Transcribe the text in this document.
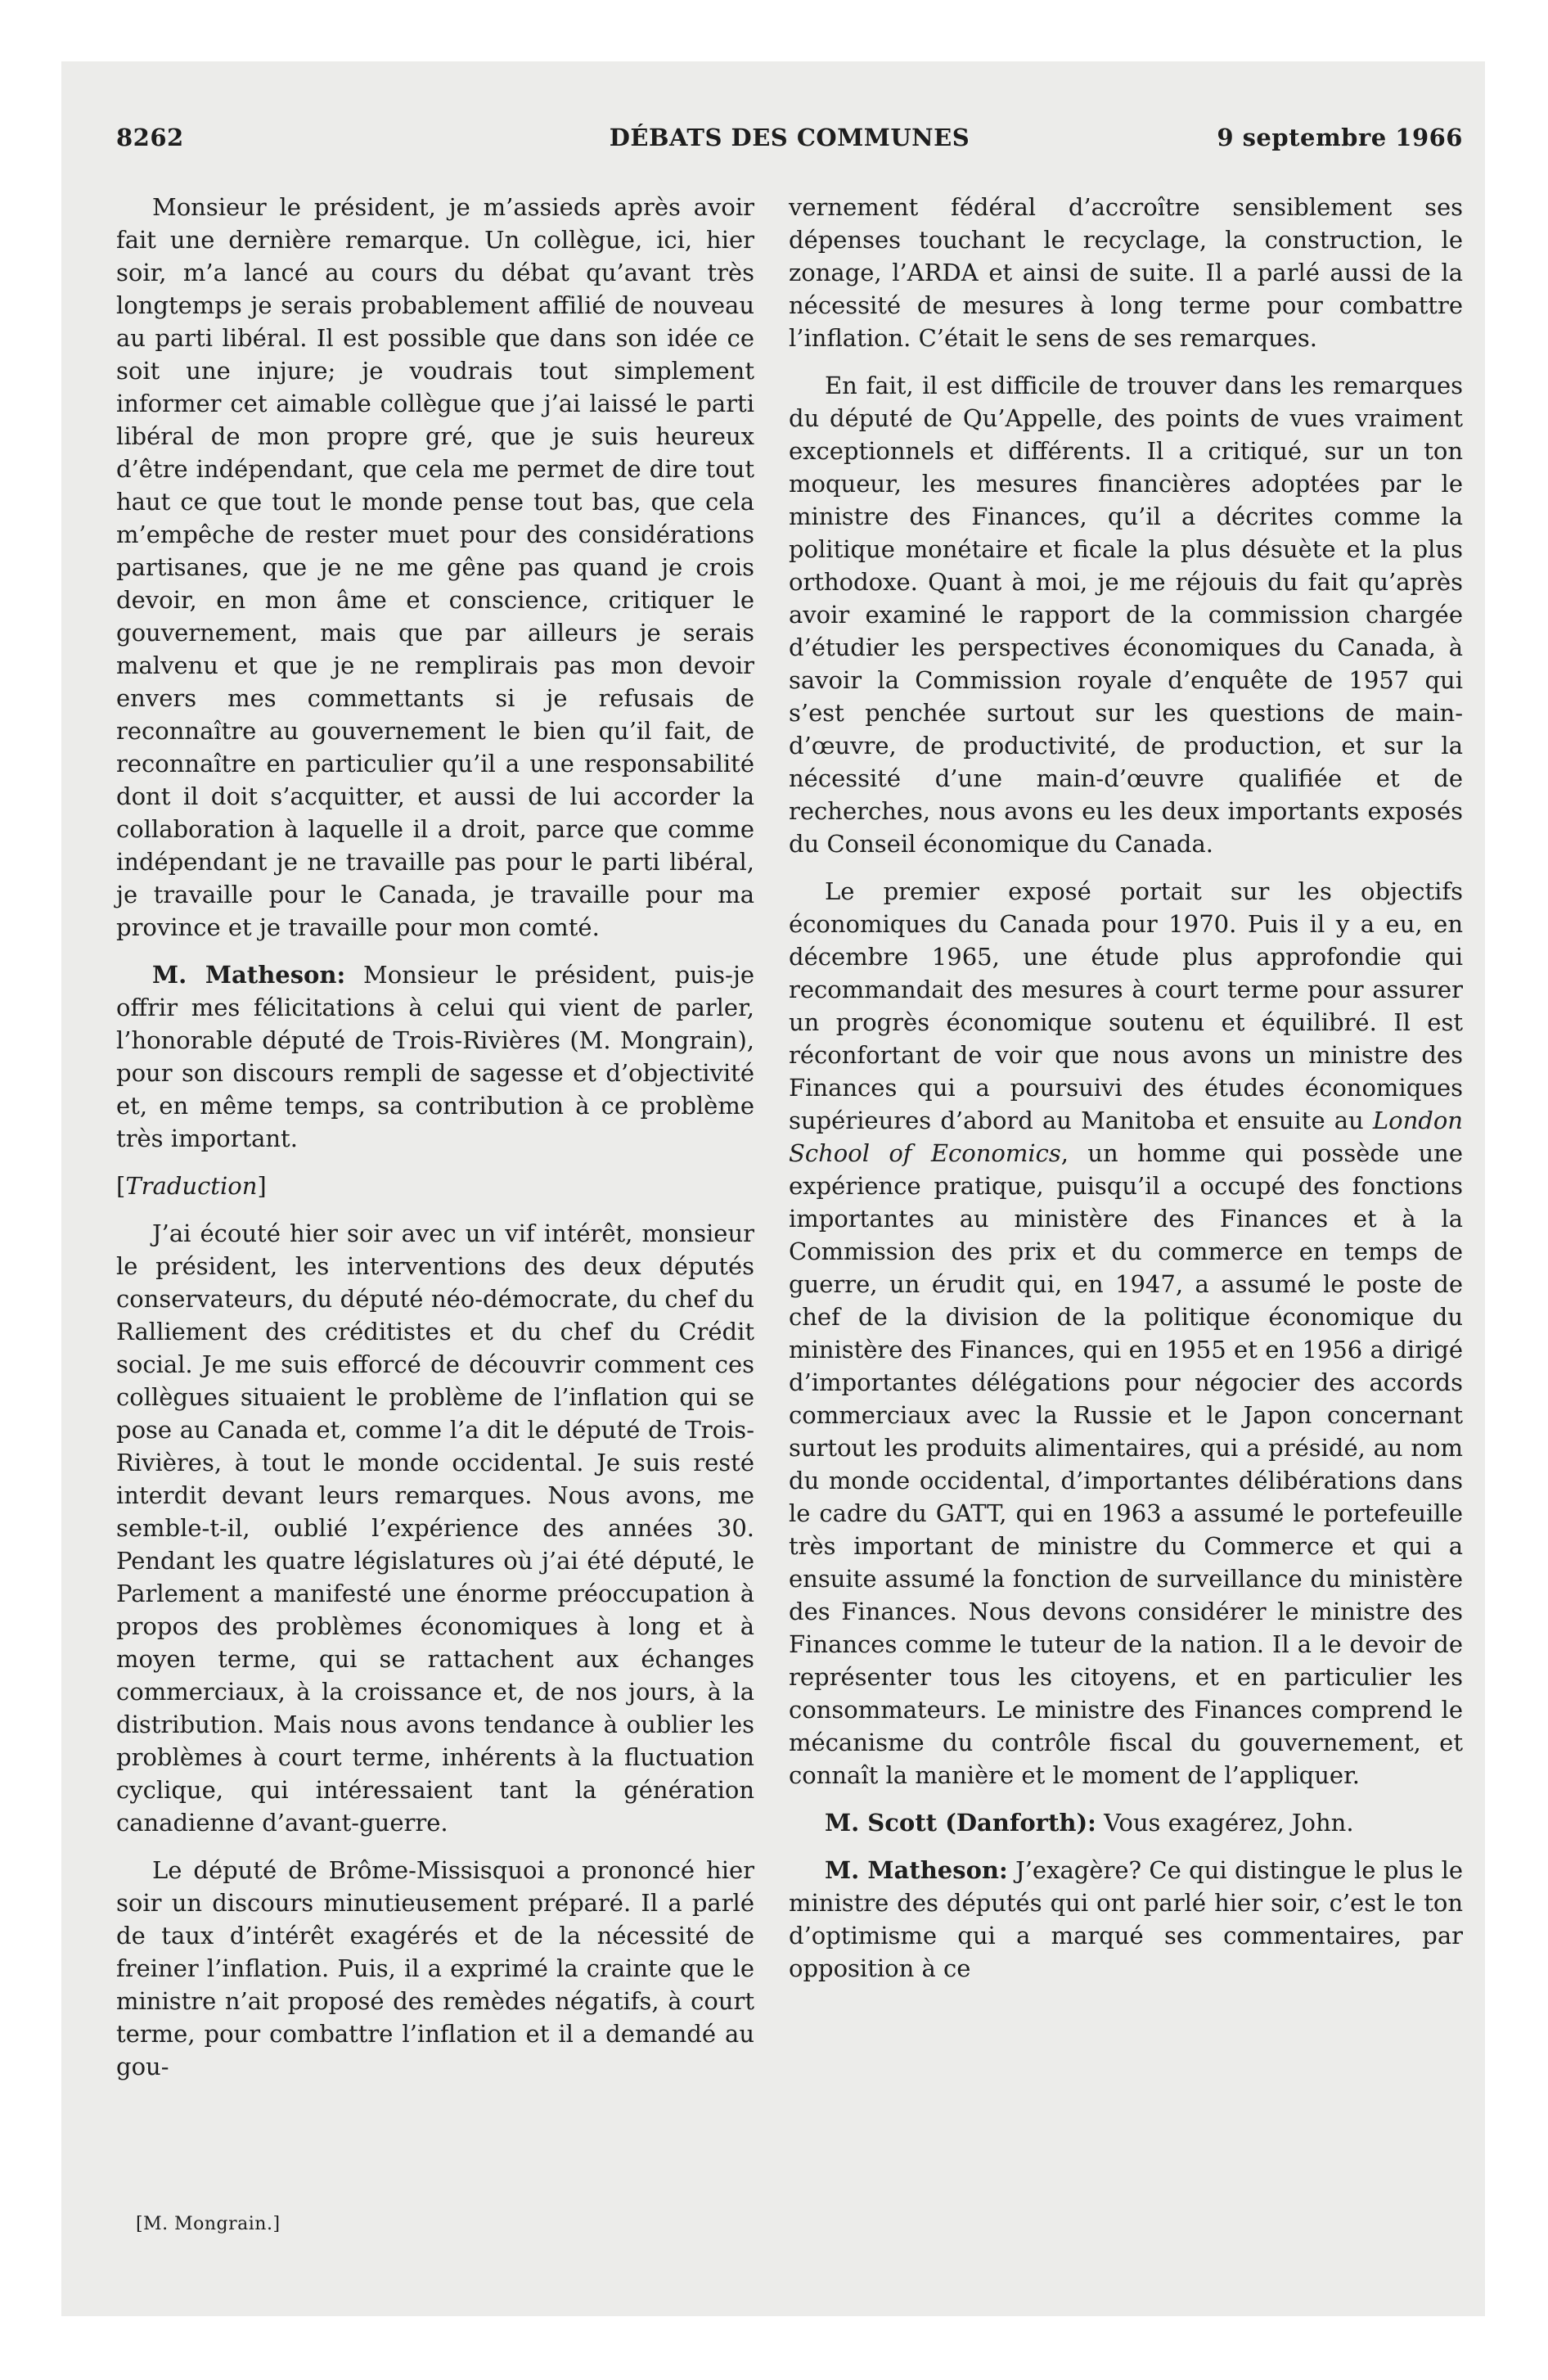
8262	DÉBATS DES COMMUNES	9 septembre 1966

Monsieur le président, je m’assieds après avoir fait une dernière remarque. Un collègue, ici, hier soir, m’a lancé au cours du débat qu’avant très longtemps je serais probablement affilié de nouveau au parti libéral. Il est possible que dans son idée ce soit une injure; je voudrais tout simplement informer cet aimable collègue que j’ai laissé le parti libéral de mon propre gré, que je suis heureux d’être indépendant, que cela me permet de dire tout haut ce que tout le monde pense tout bas, que cela m’empêche de rester muet pour des considérations partisanes, que je ne me gêne pas quand je crois devoir, en mon âme et conscience, critiquer le gouvernement, mais que par ailleurs je serais malvenu et que je ne remplirais pas mon devoir envers mes commettants si je refusais de reconnaître au gouvernement le bien qu’il fait, de reconnaître en particulier qu’il a une responsabilité dont il doit s’acquitter, et aussi de lui accorder la collaboration à laquelle il a droit, parce que comme indépendant je ne travaille pas pour le parti libéral, je travaille pour le Canada, je travaille pour ma province et je travaille pour mon comté.

M. Matheson: Monsieur le président, puis-je offrir mes félicitations à celui qui vient de parler, l’honorable député de Trois-Rivières (M. Mongrain), pour son discours rempli de sagesse et d’objectivité et, en même temps, sa contribution à ce problème très important.

[Traduction]

J’ai écouté hier soir avec un vif intérêt, monsieur le président, les interventions des deux députés conservateurs, du député néo-démocrate, du chef du Ralliement des créditistes et du chef du Crédit social. Je me suis efforcé de découvrir comment ces collègues situaient le problème de l’inflation qui se pose au Canada et, comme l’a dit le député de Trois-Rivières, à tout le monde occidental. Je suis resté interdit devant leurs remarques. Nous avons, me semble-t-il, oublié l’expérience des années 30. Pendant les quatre législatures où j’ai été député, le Parlement a manifesté une énorme préoccupation à propos des problèmes économiques à long et à moyen terme, qui se rattachent aux échanges commerciaux, à la croissance et, de nos jours, à la distribution. Mais nous avons tendance à oublier les problèmes à court terme, inhérents à la fluctuation cyclique, qui intéressaient tant la génération canadienne d’avant-guerre.

Le député de Brôme-Missisquoi a prononcé hier soir un discours minutieusement préparé. Il a parlé de taux d’intérêt exagérés et de la nécessité de freiner l’inflation. Puis, il a exprimé la crainte que le ministre n’ait proposé des remèdes négatifs, à court terme, pour combattre l’inflation et il a demandé au gou-

vernement fédéral d’accroître sensiblement ses dépenses touchant le recyclage, la construction, le zonage, l’ARDA et ainsi de suite. Il a parlé aussi de la nécessité de mesures à long terme pour combattre l’inflation. C’était le sens de ses remarques.

En fait, il est difficile de trouver dans les remarques du député de Qu’Appelle, des points de vues vraiment exceptionnels et différents. Il a critiqué, sur un ton moqueur, les mesures financières adoptées par le ministre des Finances, qu’il a décrites comme la politique monétaire et ficale la plus désuète et la plus orthodoxe. Quant à moi, je me réjouis du fait qu’après avoir examiné le rapport de la commission chargée d’étudier les perspectives économiques du Canada, à savoir la Commission royale d’enquête de 1957 qui s’est penchée surtout sur les questions de main-d’œuvre, de productivité, de production, et sur la nécessité d’une main-d’œuvre qualifiée et de recherches, nous avons eu les deux importants exposés du Conseil économique du Canada.

Le premier exposé portait sur les objectifs économiques du Canada pour 1970. Puis il y a eu, en décembre 1965, une étude plus approfondie qui recommandait des mesures à court terme pour assurer un progrès économique soutenu et équilibré. Il est réconfortant de voir que nous avons un ministre des Finances qui a poursuivi des études économiques supérieures d’abord au Manitoba et ensuite au London School of Economics, un homme qui possède une expérience pratique, puisqu’il a occupé des fonctions importantes au ministère des Finances et à la Commission des prix et du commerce en temps de guerre, un érudit qui, en 1947, a assumé le poste de chef de la division de la politique économique du ministère des Finances, qui en 1955 et en 1956 a dirigé d’importantes délégations pour négocier des accords commerciaux avec la Russie et le Japon concernant surtout les produits alimentaires, qui a présidé, au nom du monde occidental, d’importantes délibérations dans le cadre du GATT, qui en 1963 a assumé le portefeuille très important de ministre du Commerce et qui a ensuite assumé la fonction de surveillance du ministère des Finances. Nous devons considérer le ministre des Finances comme le tuteur de la nation. Il a le devoir de représenter tous les citoyens, et en particulier les consommateurs. Le ministre des Finances comprend le mécanisme du contrôle fiscal du gouvernement, et connaît la manière et le moment de l’appliquer.

M. Scott (Danforth): Vous exagérez, John.

M. Matheson: J’exagère? Ce qui distingue le plus le ministre des députés qui ont parlé hier soir, c’est le ton d’optimisme qui a marqué ses commentaires, par opposition à ce

[M. Mongrain.]
